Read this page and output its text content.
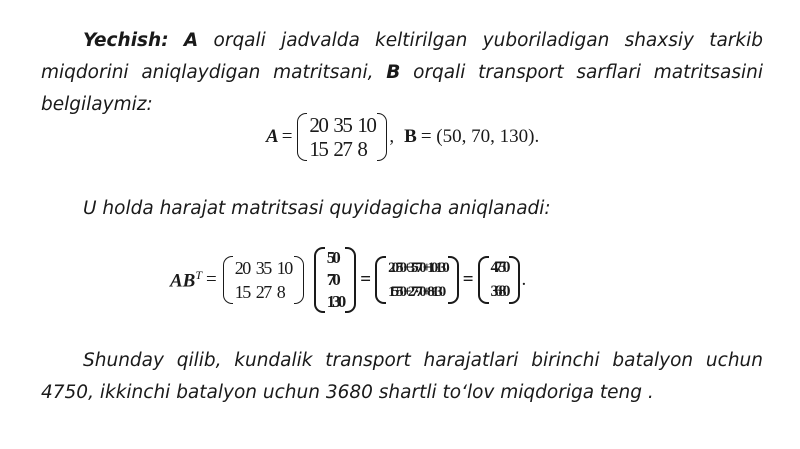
Yechish: A orqali jadvalda keltirilgan yuboriladigan shaxsiy tarkib miqdorini aniqlaydigan matritsani, B orqali transport sarflari matritsasini belgilaymiz:

A = 20 35 10
15 27 8
, B = (50, 70, 130).

U holda harajat matritsasi quyidagicha aniqlanadi:

$AB^T$ =
20 35 10
15 27 8
50
70
130
=
20·50+35·70+10·130
15·50+27·70+8·130
=
4750
3680
.

Shunday qilib, kundalik transport harajatlari birinchi batalyon uchun 4750, ikkinchi batalyon uchun 3680 shartli to‘lov miqdoriga teng .
